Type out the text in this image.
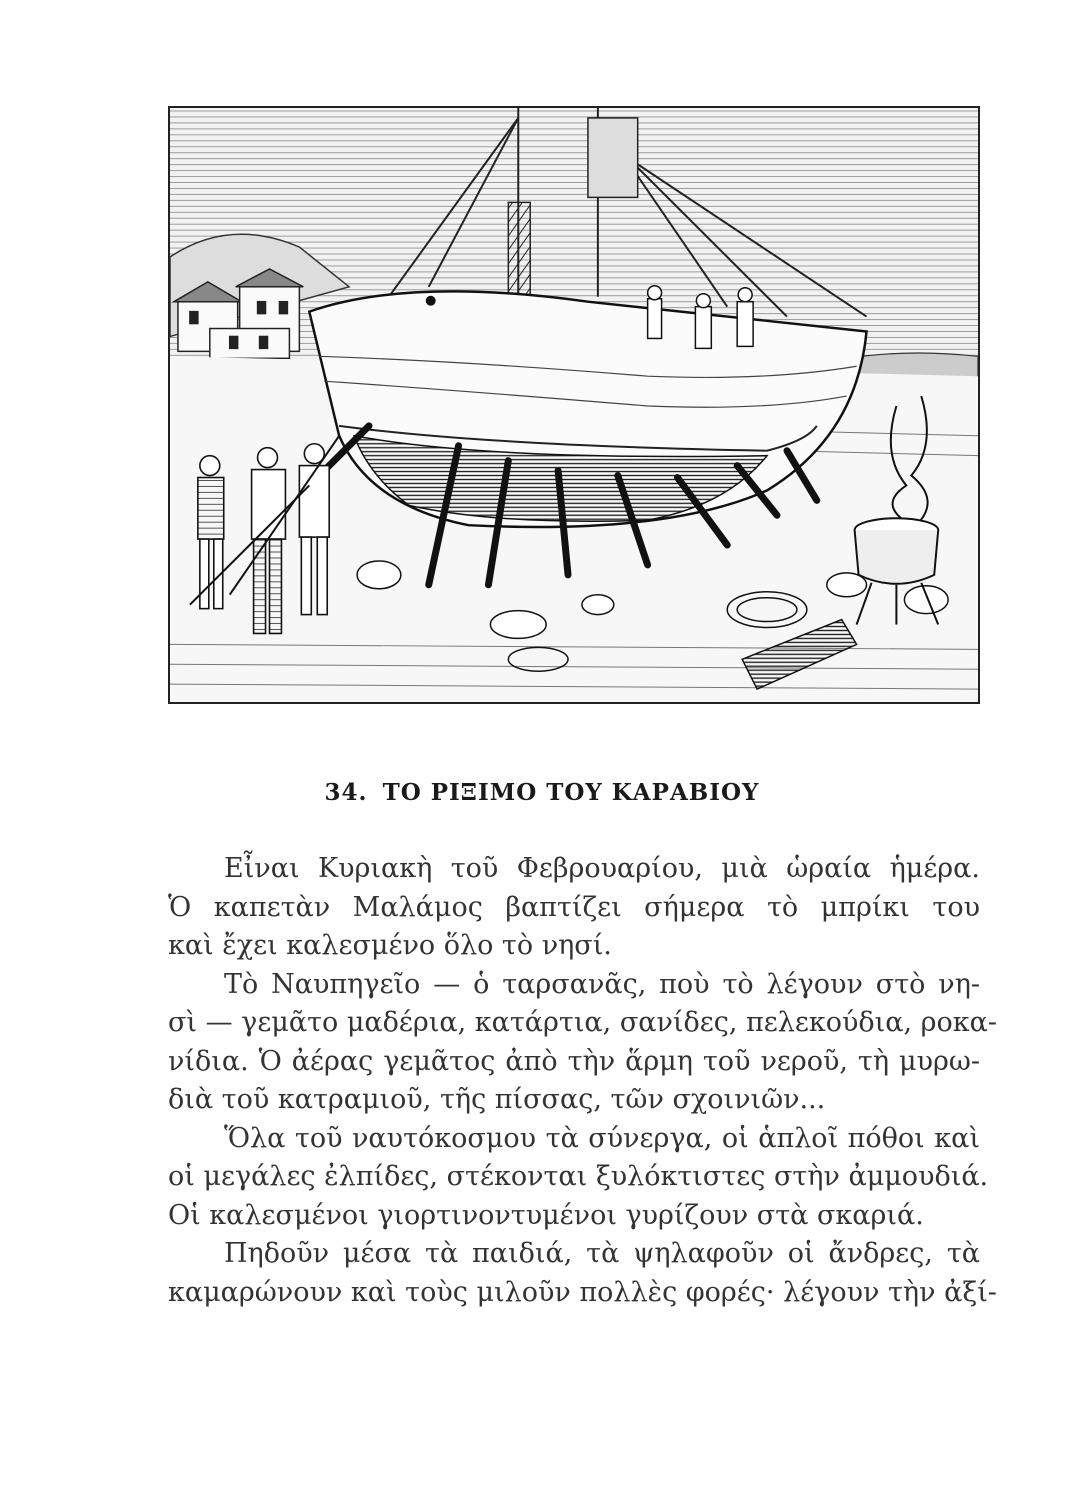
34. ΤΟ ΡΙΞΙΜΟ ΤΟΥ ΚΑΡΑΒΙΟΥ
Εἶναι Κυριακὴ τοῦ Φεβρουαρίου, μιὰ ὡραία ἡμέρα.
Ὁ καπετὰν Μαλάμος βαπτίζει σήμερα τὸ μπρίκι του
καὶ ἔχει καλεσμένο ὅλο τὸ νησί.
Τὸ Ναυπηγεῖο — ὁ ταρσανᾶς, ποὺ τὸ λέγουν στὸ νη-
σὶ — γεμᾶτο μαδέρια, κατάρτια, σανίδες, πελεκούδια, ροκα-
νίδια. Ὁ ἀέρας γεμᾶτος ἀπὸ τὴν ἅρμη τοῦ νεροῦ, τὴ μυρω-
διὰ τοῦ κατραμιοῦ, τῆς πίσσας, τῶν σχοινιῶν...
Ὅλα τοῦ ναυτόκοσμου τὰ σύνεργα, οἱ ἁπλοῖ πόθοι καὶ
οἱ μεγάλες ἐλπίδες, στέκονται ξυλόκτιστες στὴν ἀμμουδιά.
Οἱ καλεσμένοι γιορτινοντυμένοι γυρίζουν στὰ σκαριά.
Πηδοῦν μέσα τὰ παιδιά, τὰ ψηλαφοῦν οἱ ἄνδρες, τὰ
καμαρώνουν καὶ τοὺς μιλοῦν πολλὲς φορές· λέγουν τὴν ἀξί-
